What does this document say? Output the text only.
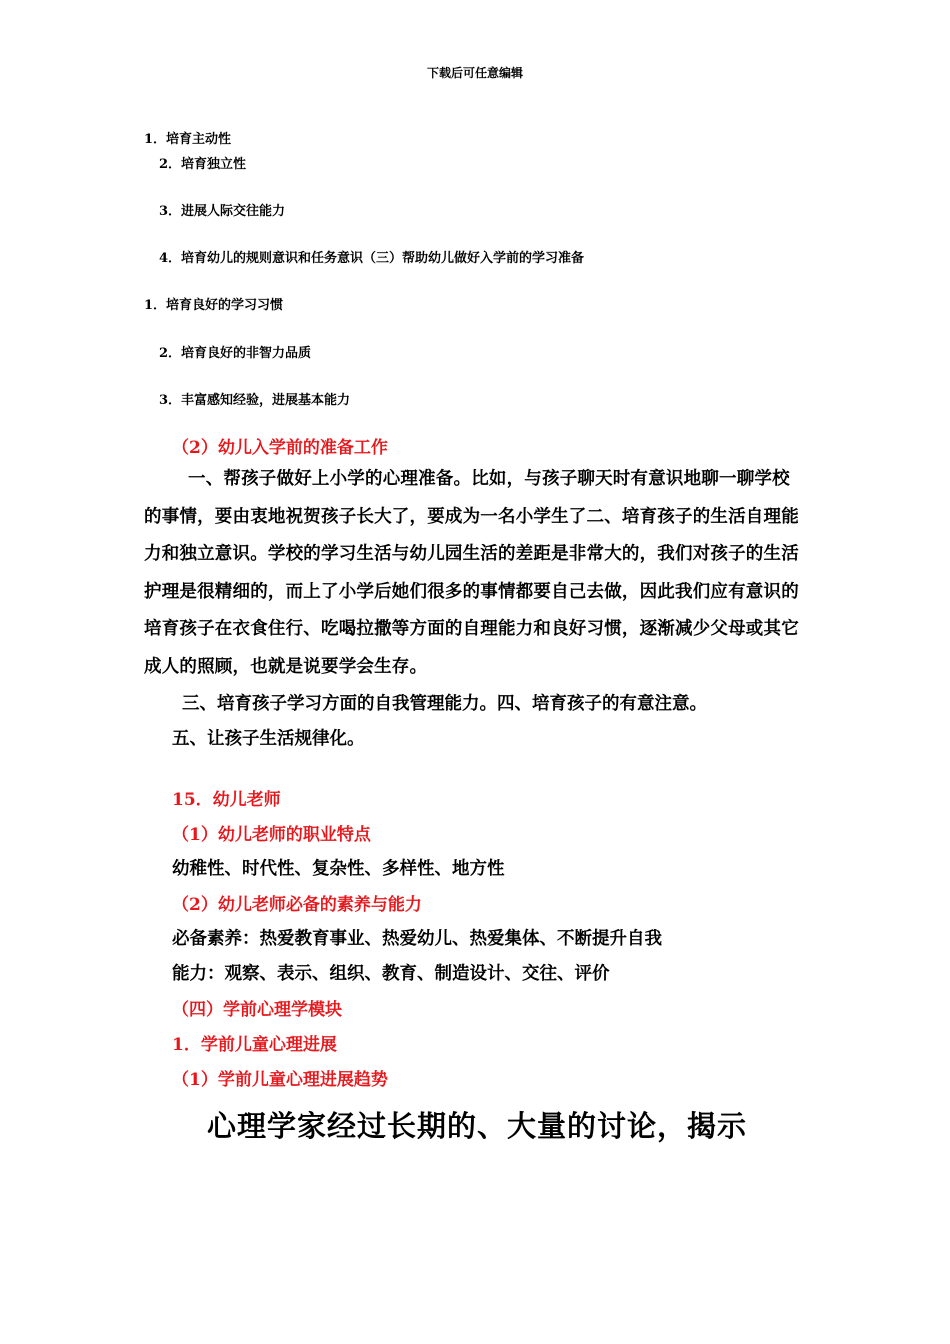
下载后可任意编辑
1．培育主动性
2．培育独立性
3．进展人际交往能力
4．培育幼儿的规则意识和任务意识（三）帮助幼儿做好入学前的学习准备
1．培育良好的学习习惯
2．培育良好的非智力品质
3．丰富感知经验，进展基本能力
（2）幼儿入学前的准备工作
一、帮孩子做好上小学的心理准备。比如，与孩子聊天时有意识地聊一聊学校的事情，要由衷地祝贺孩子长大了，要成为一名小学生了二、培育孩子的生活自理能力和独立意识。学校的学习生活与幼儿园生活的差距是非常大的，我们对孩子的生活护理是很精细的，而上了小学后她们很多的事情都要自己去做，因此我们应有意识的培育孩子在衣食住行、吃喝拉撒等方面的自理能力和良好习惯，逐渐减少父母或其它成人的照顾，也就是说要学会生存。
三、培育孩子学习方面的自我管理能力。四、培育孩子的有意注意。
五、让孩子生活规律化。
15．幼儿老师
（1）幼儿老师的职业特点
幼稚性、时代性、复杂性、多样性、地方性
（2）幼儿老师必备的素养与能力
必备素养：热爱教育事业、热爱幼儿、热爱集体、不断提升自我
能力：观察、表示、组织、教育、制造设计、交往、评价
（四）学前心理学模块
1．学前儿童心理进展
（1）学前儿童心理进展趋势
心理学家经过长期的、大量的讨论，揭示
